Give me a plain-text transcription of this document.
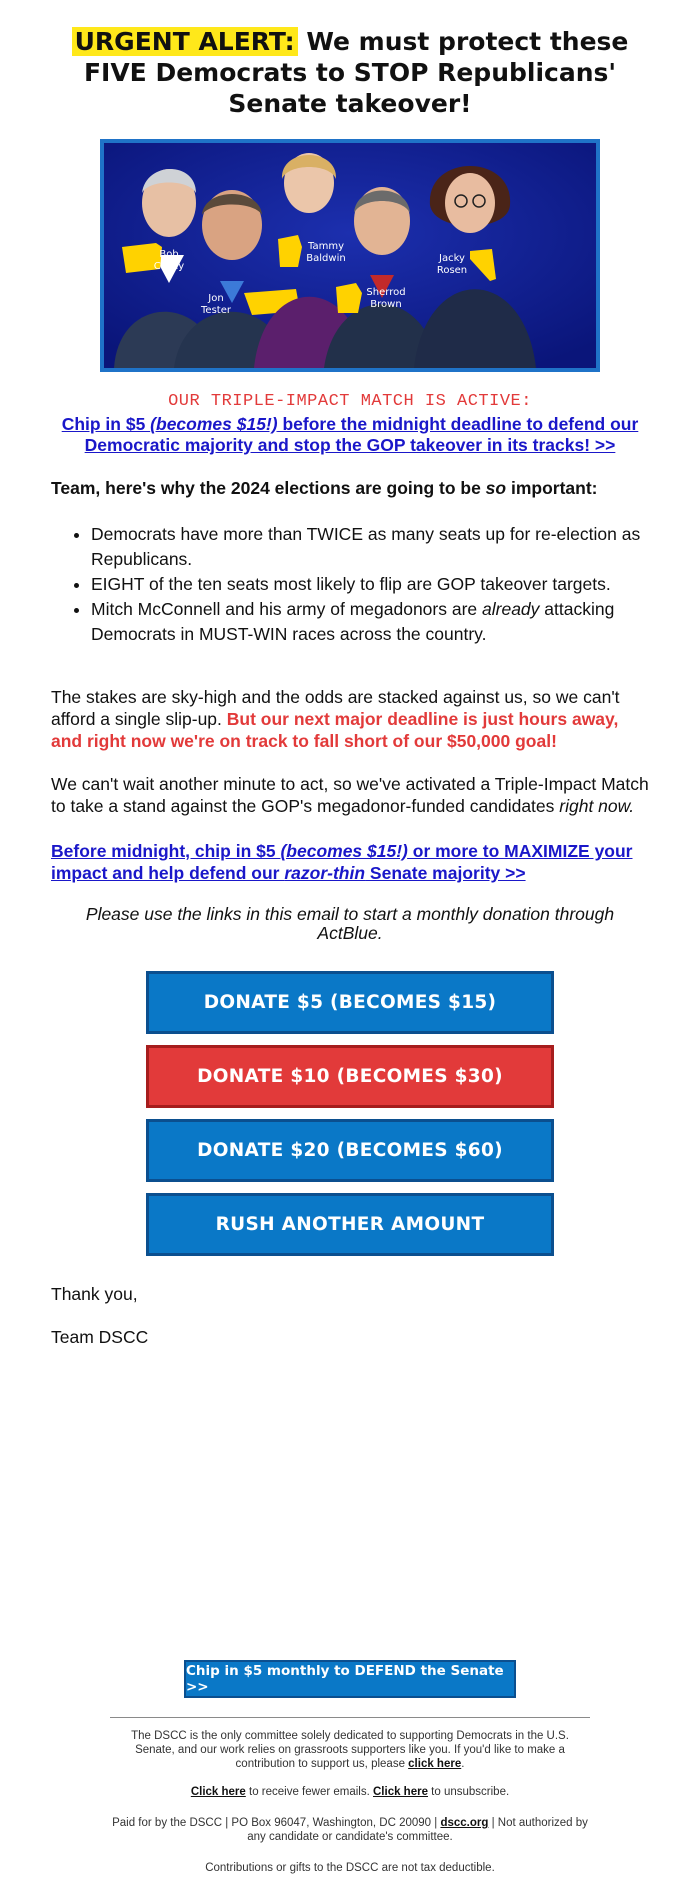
URGENT ALERT: We must protect these FIVE Democrats to STOP Republicans' Senate takeover!
Bob
Casey
Jon
Tester
Tammy
Baldwin
Sherrod
Brown
Jacky
Rosen
OUR TRIPLE-IMPACT MATCH IS ACTIVE:
Chip in $5 (becomes $15!) before the midnight deadline to defend our Democratic majority and stop the GOP takeover in its tracks! >>
Team, here's why the 2024 elections are going to be so important:
• Democrats have more than TWICE as many seats up for re-election as Republicans.
• EIGHT of the ten seats most likely to flip are GOP takeover targets.
• Mitch McConnell and his army of megadonors are already attacking Democrats in MUST-WIN races across the country.
The stakes are sky-high and the odds are stacked against us, so we can't afford a single slip-up. But our next major deadline is just hours away, and right now we're on track to fall short of our $50,000 goal!
We can't wait another minute to act, so we've activated a Triple-Impact Match to take a stand against the GOP's megadonor-funded candidates right now.
Before midnight, chip in $5 (becomes $15!) or more to MAXIMIZE your impact and help defend our razor-thin Senate majority >>
Please use the links in this email to start a monthly donation through ActBlue.
DONATE $5 (BECOMES $15)
DONATE $10 (BECOMES $30)
DONATE $20 (BECOMES $60)
RUSH ANOTHER AMOUNT
Thank you,
Team DSCC
Chip in $5 monthly to DEFEND the Senate >>
The DSCC is the only committee solely dedicated to supporting Democrats in the U.S. Senate, and our work relies on grassroots supporters like you. If you'd like to make a contribution to support us, please click here.
Click here to receive fewer emails. Click here to unsubscribe.
Paid for by the DSCC | PO Box 96047, Washington, DC 20090 | dscc.org | Not authorized by any candidate or candidate's committee.
Contributions or gifts to the DSCC are not tax deductible.
